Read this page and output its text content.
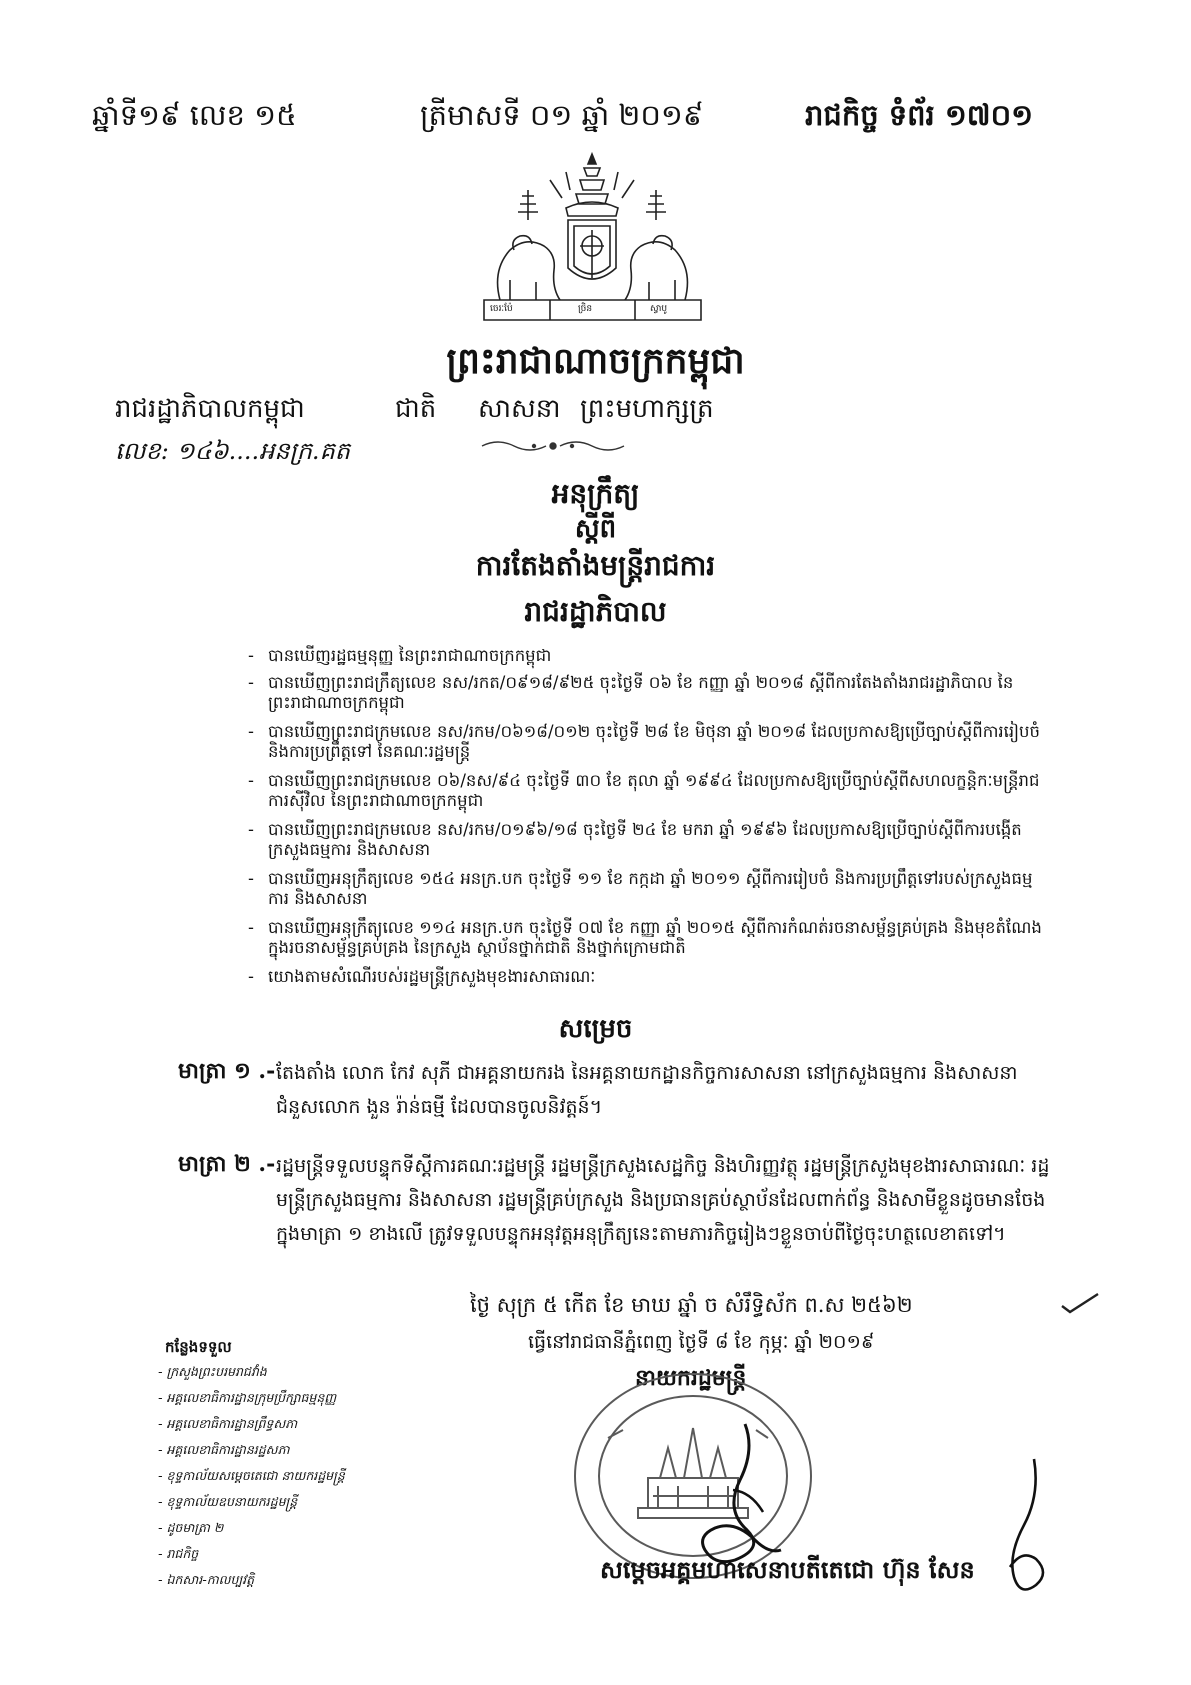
ឆ្នាំទី១៩ លេខ ១៥	ត្រីមាសទី ០១ ឆ្នាំ ២០១៩	រាជកិច្ច ទំព័រ ១៧០១
ចេរៈប៉ែ	ច្រិន	ស្វាបូ
ព្រះរាជាណាចក្រកម្ពុជា
រាជរដ្ឋាភិបាលកម្ពុជា	ជាតិ សាសនា ព្រះមហាក្សត្រ
លេខ: ១៤៦....អនក្រ.គត
អនុក្រឹត្យ
ស្តីពី
ការតែងតាំងមន្ត្រីរាជការ
រាជរដ្ឋាភិបាល
- បានឃើញរដ្ឋធម្មនុញ្ញ នៃព្រះរាជាណាចក្រកម្ពុជា
- បានឃើញព្រះរាជក្រឹត្យលេខ នស/រកត/០៩១៨/៩២៥ ចុះថ្ងៃទី ០៦ ខែ កញ្ញា ឆ្នាំ ២០១៨ ស្តីពីការតែងតាំងរាជរដ្ឋាភិបាល នៃព្រះរាជាណាចក្រកម្ពុជា
- បានឃើញព្រះរាជក្រមលេខ នស/រកម/០៦១៨/០១២ ចុះថ្ងៃទី ២៨ ខែ មិថុនា ឆ្នាំ ២០១៨ ដែលប្រកាសឱ្យប្រើច្បាប់ស្តីពីការរៀបចំ និងការប្រព្រឹត្តទៅ នៃគណៈរដ្ឋមន្ត្រី
- បានឃើញព្រះរាជក្រមលេខ ០៦/នស/៩៤ ចុះថ្ងៃទី ៣០ ខែ តុលា ឆ្នាំ ១៩៩៤ ដែលប្រកាសឱ្យប្រើច្បាប់ស្តីពីសហលក្ខន្តិកៈមន្ត្រីរាជការស៊ីវិល នៃព្រះរាជាណាចក្រកម្ពុជា
- បានឃើញព្រះរាជក្រមលេខ នស/រកម/០១៩៦/១៨ ចុះថ្ងៃទី ២៤ ខែ មករា ឆ្នាំ ១៩៩៦ ដែលប្រកាសឱ្យប្រើច្បាប់ស្តីពីការបង្កើតក្រសួងធម្មការ និងសាសនា
- បានឃើញអនុក្រឹត្យលេខ ១៥៤ អនក្រ.បក ចុះថ្ងៃទី ១១ ខែ កក្កដា ឆ្នាំ ២០១១ ស្តីពីការរៀបចំ និងការប្រព្រឹត្តទៅរបស់ក្រសួងធម្មការ និងសាសនា
- បានឃើញអនុក្រឹត្យលេខ ១១៤ អនក្រ.បក ចុះថ្ងៃទី ០៧ ខែ កញ្ញា ឆ្នាំ ២០១៥ ស្តីពីការកំណត់រចនាសម្ព័ន្ធគ្រប់គ្រង និងមុខតំណែងក្នុងរចនាសម្ព័ន្ធគ្រប់គ្រង នៃក្រសួង ស្ថាប័នថ្នាក់ជាតិ និងថ្នាក់ក្រោមជាតិ
- យោងតាមសំណើរបស់រដ្ឋមន្ត្រីក្រសួងមុខងារសាធារណៈ
សម្រេច
មាត្រា ១ .- តែងតាំង លោក កែវ សុភី ជាអគ្គនាយករង នៃអគ្គនាយកដ្ឋានកិច្ចការសាសនា នៅក្រសួងធម្មការ និងសាសនា ជំនួសលោក ងួន រ៉ាន់ធម្មី ដែលបានចូលនិវត្តន៍។
មាត្រា ២ .- រដ្ឋមន្ត្រីទទួលបន្ទុកទីស្តីការគណៈរដ្ឋមន្ត្រី រដ្ឋមន្ត្រីក្រសួងសេដ្ឋកិច្ច និងហិរញ្ញវត្ថុ រដ្ឋមន្ត្រីក្រសួងមុខងារសាធារណៈ រដ្ឋមន្ត្រីក្រសួងធម្មការ និងសាសនា រដ្ឋមន្ត្រីគ្រប់ក្រសួង និងប្រធានគ្រប់ស្ថាប័នដែលពាក់ព័ន្ធ និងសាមីខ្លួនដូចមានចែងក្នុងមាត្រា ១ ខាងលើ ត្រូវទទួលបន្ទុកអនុវត្តអនុក្រឹត្យនេះតាមភារកិច្ចរៀងៗខ្លួនចាប់ពីថ្ងៃចុះហត្ថលេខាតទៅ។
ថ្ងៃ សុក្រ ៥ កើត ខែ មាឃ ឆ្នាំ ច សំរឹទ្ធិស័ក ព.ស ២៥៦២
ធ្វើនៅរាជធានីភ្នំពេញ ថ្ងៃទី ៨ ខែ កុម្ភៈ ឆ្នាំ ២០១៩
នាយករដ្ឋមន្ត្រី
សម្តេចអគ្គមហាសេនាបតីតេជោ ហ៊ុន សែន
កន្លែងទទួល
- ក្រសួងព្រះបរមរាជវាំង
- អគ្គលេខាធិការដ្ឋានក្រុមប្រឹក្សាធម្មនុញ្ញ
- អគ្គលេខាធិការដ្ឋានព្រឹទ្ធសភា
- អគ្គលេខាធិការដ្ឋានរដ្ឋសភា
- ខុទ្ទកាល័យសម្តេចតេជោ នាយករដ្ឋមន្ត្រី
- ខុទ្ទកាល័យឧបនាយករដ្ឋមន្ត្រី
- ដូចមាត្រា ២
- រាជកិច្ច
- ឯកសារ-កាលប្បវត្តិ
